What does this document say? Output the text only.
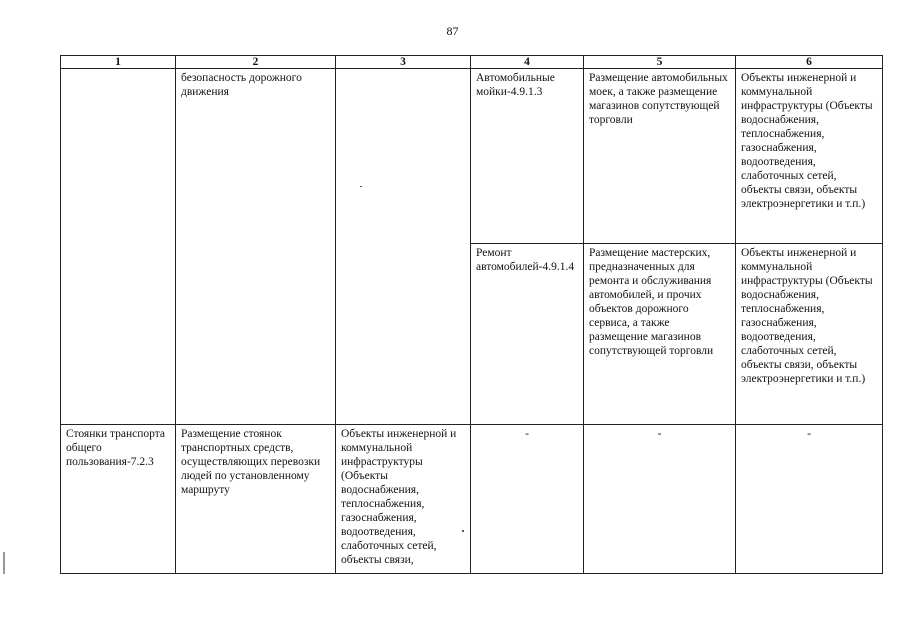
87
1	2	3	4	5	6

	безопасность дорожного движения		Автомобильные мойки-4.9.1.3	Размещение автомобильных моек, а также размещение магазинов сопутствующей торговли	Объекты инженерной и коммунальной инфраструктуры (Объекты водоснабжения, теплоснабжения, газоснабжения, водоотведения, слаботочных сетей, объекты связи, объекты электроэнергетики и т.п.)

			Ремонт автомобилей-4.9.1.4	Размещение мастерских, предназначенных для ремонта и обслуживания автомобилей, и прочих объектов дорожного сервиса, а также размещение магазинов сопутствующей торговли	Объекты инженерной и коммунальной инфраструктуры (Объекты водоснабжения, теплоснабжения, газоснабжения, водоотведения, слаботочных сетей, объекты связи, объекты электроэнергетики и т.п.)

Стоянки транспорта общего пользования-7.2.3	Размещение стоянок транспортных средств, осуществляющих перевозки людей по установленному маршруту	Объекты инженерной и коммунальной инфраструктуры (Объекты водоснабжения, теплоснабжения, газоснабжения, водоотведения, слаботочных сетей, объекты связи,	-	-	-
